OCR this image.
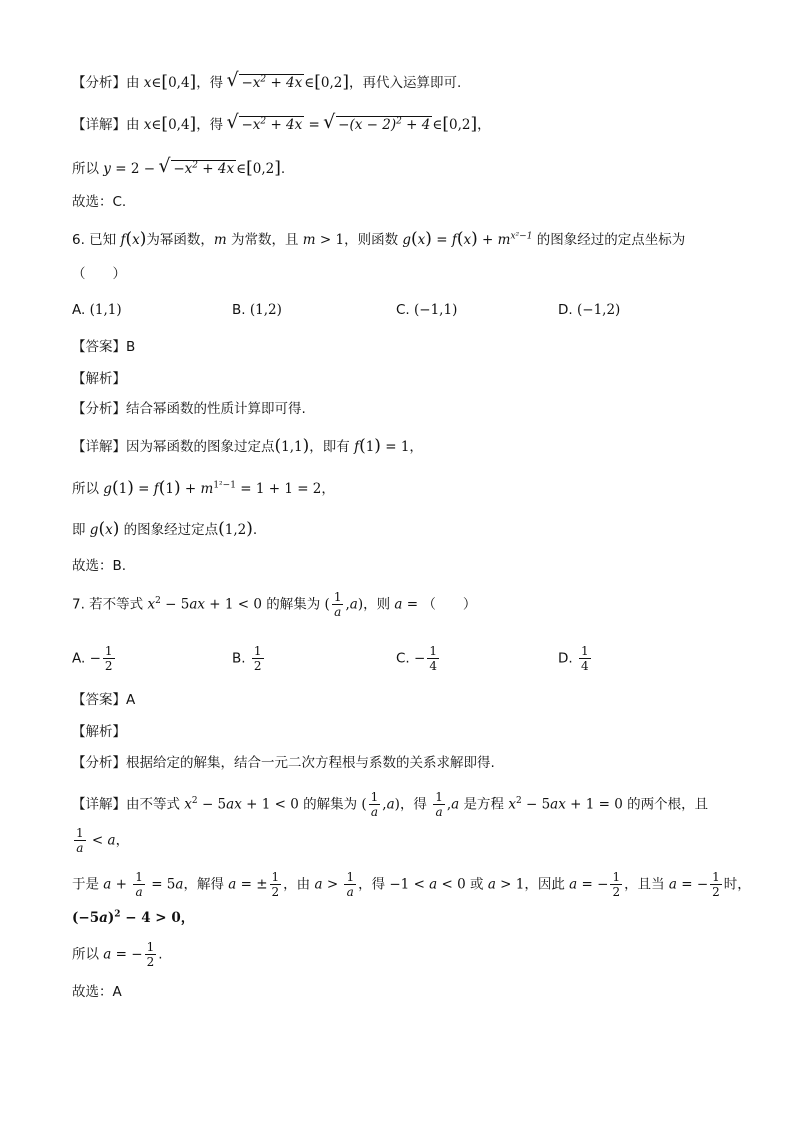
【分析】由 x∈[0,4]，得 √ $-x^2 + 4x$ ∈[0,2]，再代入运算即可.
【详解】由 x∈[0,4]，得 √ $-x^2 + 4x$ = √ $-(x - 2)^2 + 4$ ∈[0,2]，
所以 y = 2 − √ $-x^2 + 4x$ ∈[0,2].
故选：C.
6. 已知 f(x)为幂函数，m 为常数，且 m > 1，则函数 $g(x) = f(x) + m^{x^2-1}$ 的图象经过的定点坐标为
（　　）
A. (1,1)	B. (1,2)	C. (−1,1)	D. (−1,2)
【答案】B
【解析】
【分析】结合幂函数的性质计算即可得.
【详解】因为幂函数的图象过定点(1,1)，即有 f(1) = 1，
所以 $g(1) = f(1) + m^{1^2-1} = 1 + 1 = 2$，
即 g(x) 的图象经过定点(1,2).
故选：B.
7. 若不等式 $x^2 - 5ax + 1 < 0$ 的解集为 ( $\frac{1}{a} ,a$)，则 a = （　　）
A. − $\frac{1}{2}$	B. $\frac{1}{2}$	C. − $\frac{1}{4}$	D. $\frac{1}{4}$
【答案】A
【解析】
【分析】根据给定的解集，结合一元二次方程根与系数的关系求解即得.
【详解】由不等式 $x^2 - 5ax + 1 < 0$ 的解集为 ( $\frac{1}{a} ,a$)，得 $\frac{1}{a} ,a$ 是方程 $x^2 - 5ax + 1 = 0$ 的两个根，且
$\frac{1}{a} < a$，
于是 $a + \frac{1}{a} = 5a$，解得 a = ± $\frac{1}{2}$ ，由 $a > \frac{1}{a}$ ，得 −1 < a < 0 或 a > 1，因此 a = − $\frac{1}{2}$ ，且当 a = − $\frac{1}{2}$ 时，
$(-5a)^2 - 4 > 0$，
所以 a = − $\frac{1}{2}$ .
故选：A
